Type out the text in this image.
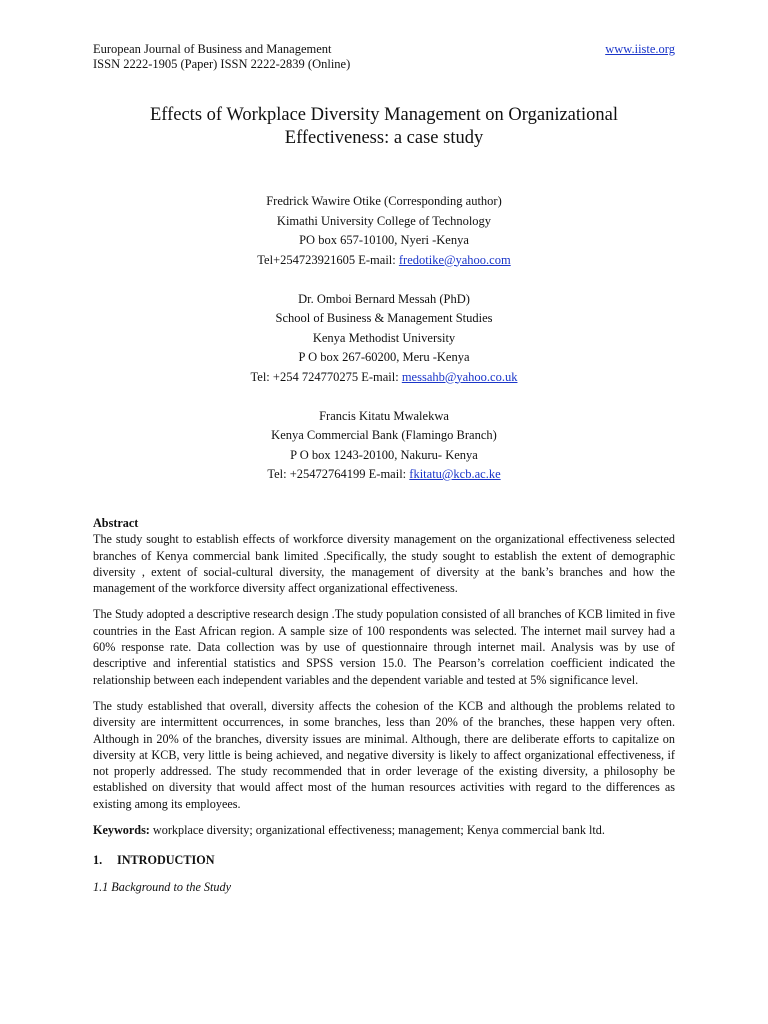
European Journal of Business and Management	www.iiste.org
ISSN 2222-1905 (Paper) ISSN 2222-2839 (Online)
Effects of Workplace Diversity Management on Organizational
Effectiveness: a case study
Fredrick Wawire Otike (Corresponding author)
Kimathi University College of Technology
PO box 657-10100, Nyeri -Kenya
Tel+254723921605 E-mail: fredotike@yahoo.com
Dr. Omboi Bernard Messah (PhD)
School of Business & Management Studies
Kenya Methodist University
P O box 267-60200, Meru -Kenya
Tel: +254 724770275 E-mail: messahb@yahoo.co.uk
Francis Kitatu Mwalekwa
Kenya Commercial Bank (Flamingo Branch)
P O box 1243-20100, Nakuru- Kenya
Tel: +25472764199 E-mail: fkitatu@kcb.ac.ke
Abstract

The study sought to establish effects of workforce diversity management on the organizational effectiveness selected branches of Kenya commercial bank limited .Specifically, the study sought to establish the extent of demographic diversity , extent of social-cultural diversity, the management of diversity at the bank’s branches and how the management of the workforce diversity affect organizational effectiveness.

The Study adopted a descriptive research design .The study population consisted of all branches of KCB limited in five countries in the East African region. A sample size of 100 respondents was selected. The internet mail survey had a 60% response rate. Data collection was by use of questionnaire through internet mail. Analysis was by use of descriptive and inferential statistics and SPSS version 15.0. The Pearson’s correlation coefficient indicated the relationship between each independent variables and the dependent variable and tested at 5% significance level.

The study established that overall, diversity affects the cohesion of the KCB and although the problems related to diversity are intermittent occurrences, in some branches, less than 20% of the branches, these happen very often. Although in 20% of the branches, diversity issues are minimal. Although, there are deliberate efforts to capitalize on diversity at KCB, very little is being achieved, and negative diversity is likely to affect organizational effectiveness, if not properly addressed. The study recommended that in order leverage of the existing diversity, a philosophy be established on diversity that would affect most of the human resources activities with regard to the differences as existing among its employees.

Keywords: workplace diversity; organizational effectiveness; management; Kenya commercial bank ltd.

1. INTRODUCTION
1.1 Background to the Study
